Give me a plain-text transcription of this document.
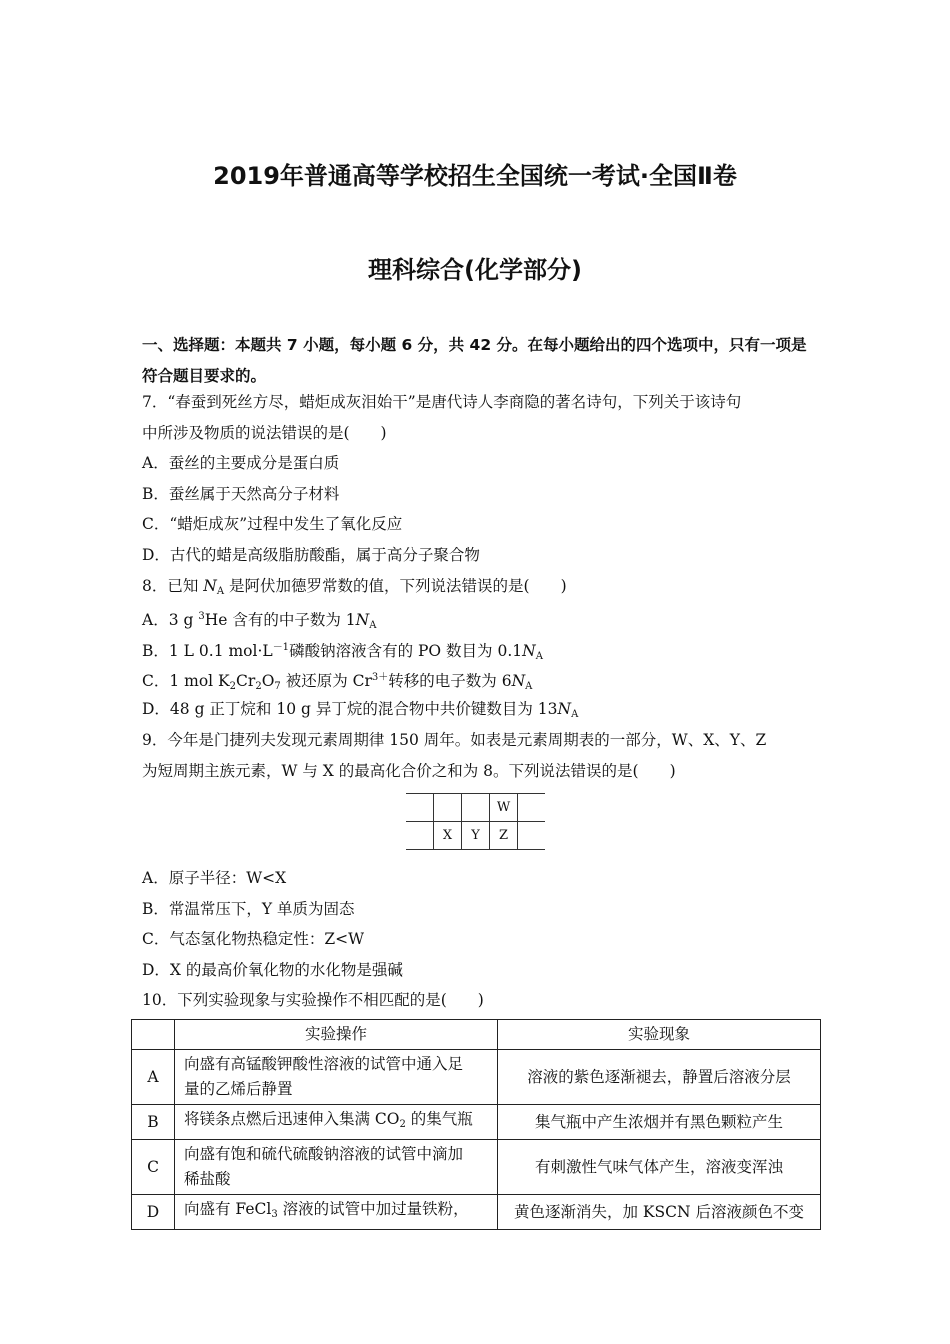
2019年普通高等学校招生全国统一考试·全国Ⅱ卷
理科综合(化学部分)
一、选择题：本题共 7 小题，每小题 6 分，共 42 分。在每小题给出的四个选项中，只有一项是符合题目要求的。
7．“春蚕到死丝方尽，蜡炬成灰泪始干”是唐代诗人李商隐的著名诗句，下列关于该诗句
中所涉及物质的说法错误的是(　　)
A．蚕丝的主要成分是蛋白质
B．蚕丝属于天然高分子材料
C．“蜡炬成灰”过程中发生了氧化反应
D．古代的蜡是高级脂肪酸酯，属于高分子聚合物
8．已知 $N_A$ 是阿伏加德罗常数的值，下列说法错误的是(　　)
A．3 g $^3$He 含有的中子数为 $1N_A$
B．1 L 0.1 $mol\cdot L^{-1}$磷酸钠溶液含有的 PO 数目为 $0.1N_A$
C．1 mol $K_2Cr_2O_7$ 被还原为 $Cr^{3+}$转移的电子数为 $6N_A$
D．48 g 正丁烷和 10 g 异丁烷的混合物中共价键数目为 $13N_A$
9．今年是门捷列夫发现元素周期律 150 周年。如表是元素周期表的一部分，W、X、Y、Z
为短周期主族元素，W 与 X 的最高化合价之和为 8。下列说法错误的是(　　)
			W	
	X	Y	Z	
A．原子半径：W<X
B．常温常压下，Y 单质为固态
C．气态氢化物热稳定性：Z<W
D．X 的最高价氧化物的水化物是强碱
10．下列实验现象与实验操作不相匹配的是(　　)
	实验操作	实验现象
A	向盛有高锰酸钾酸性溶液的试管中通入足
量的乙烯后静置	溶液的紫色逐渐褪去，静置后溶液分层
B	将镁条点燃后迅速伸入集满 $CO_2$ 的集气瓶	集气瓶中产生浓烟并有黑色颗粒产生
C	向盛有饱和硫代硫酸钠溶液的试管中滴加
稀盐酸	有刺激性气味气体产生，溶液变浑浊
D	向盛有 FeCl$_3$ 溶液的试管中加过量铁粉，	黄色逐渐消失，加 KSCN 后溶液颜色不变
